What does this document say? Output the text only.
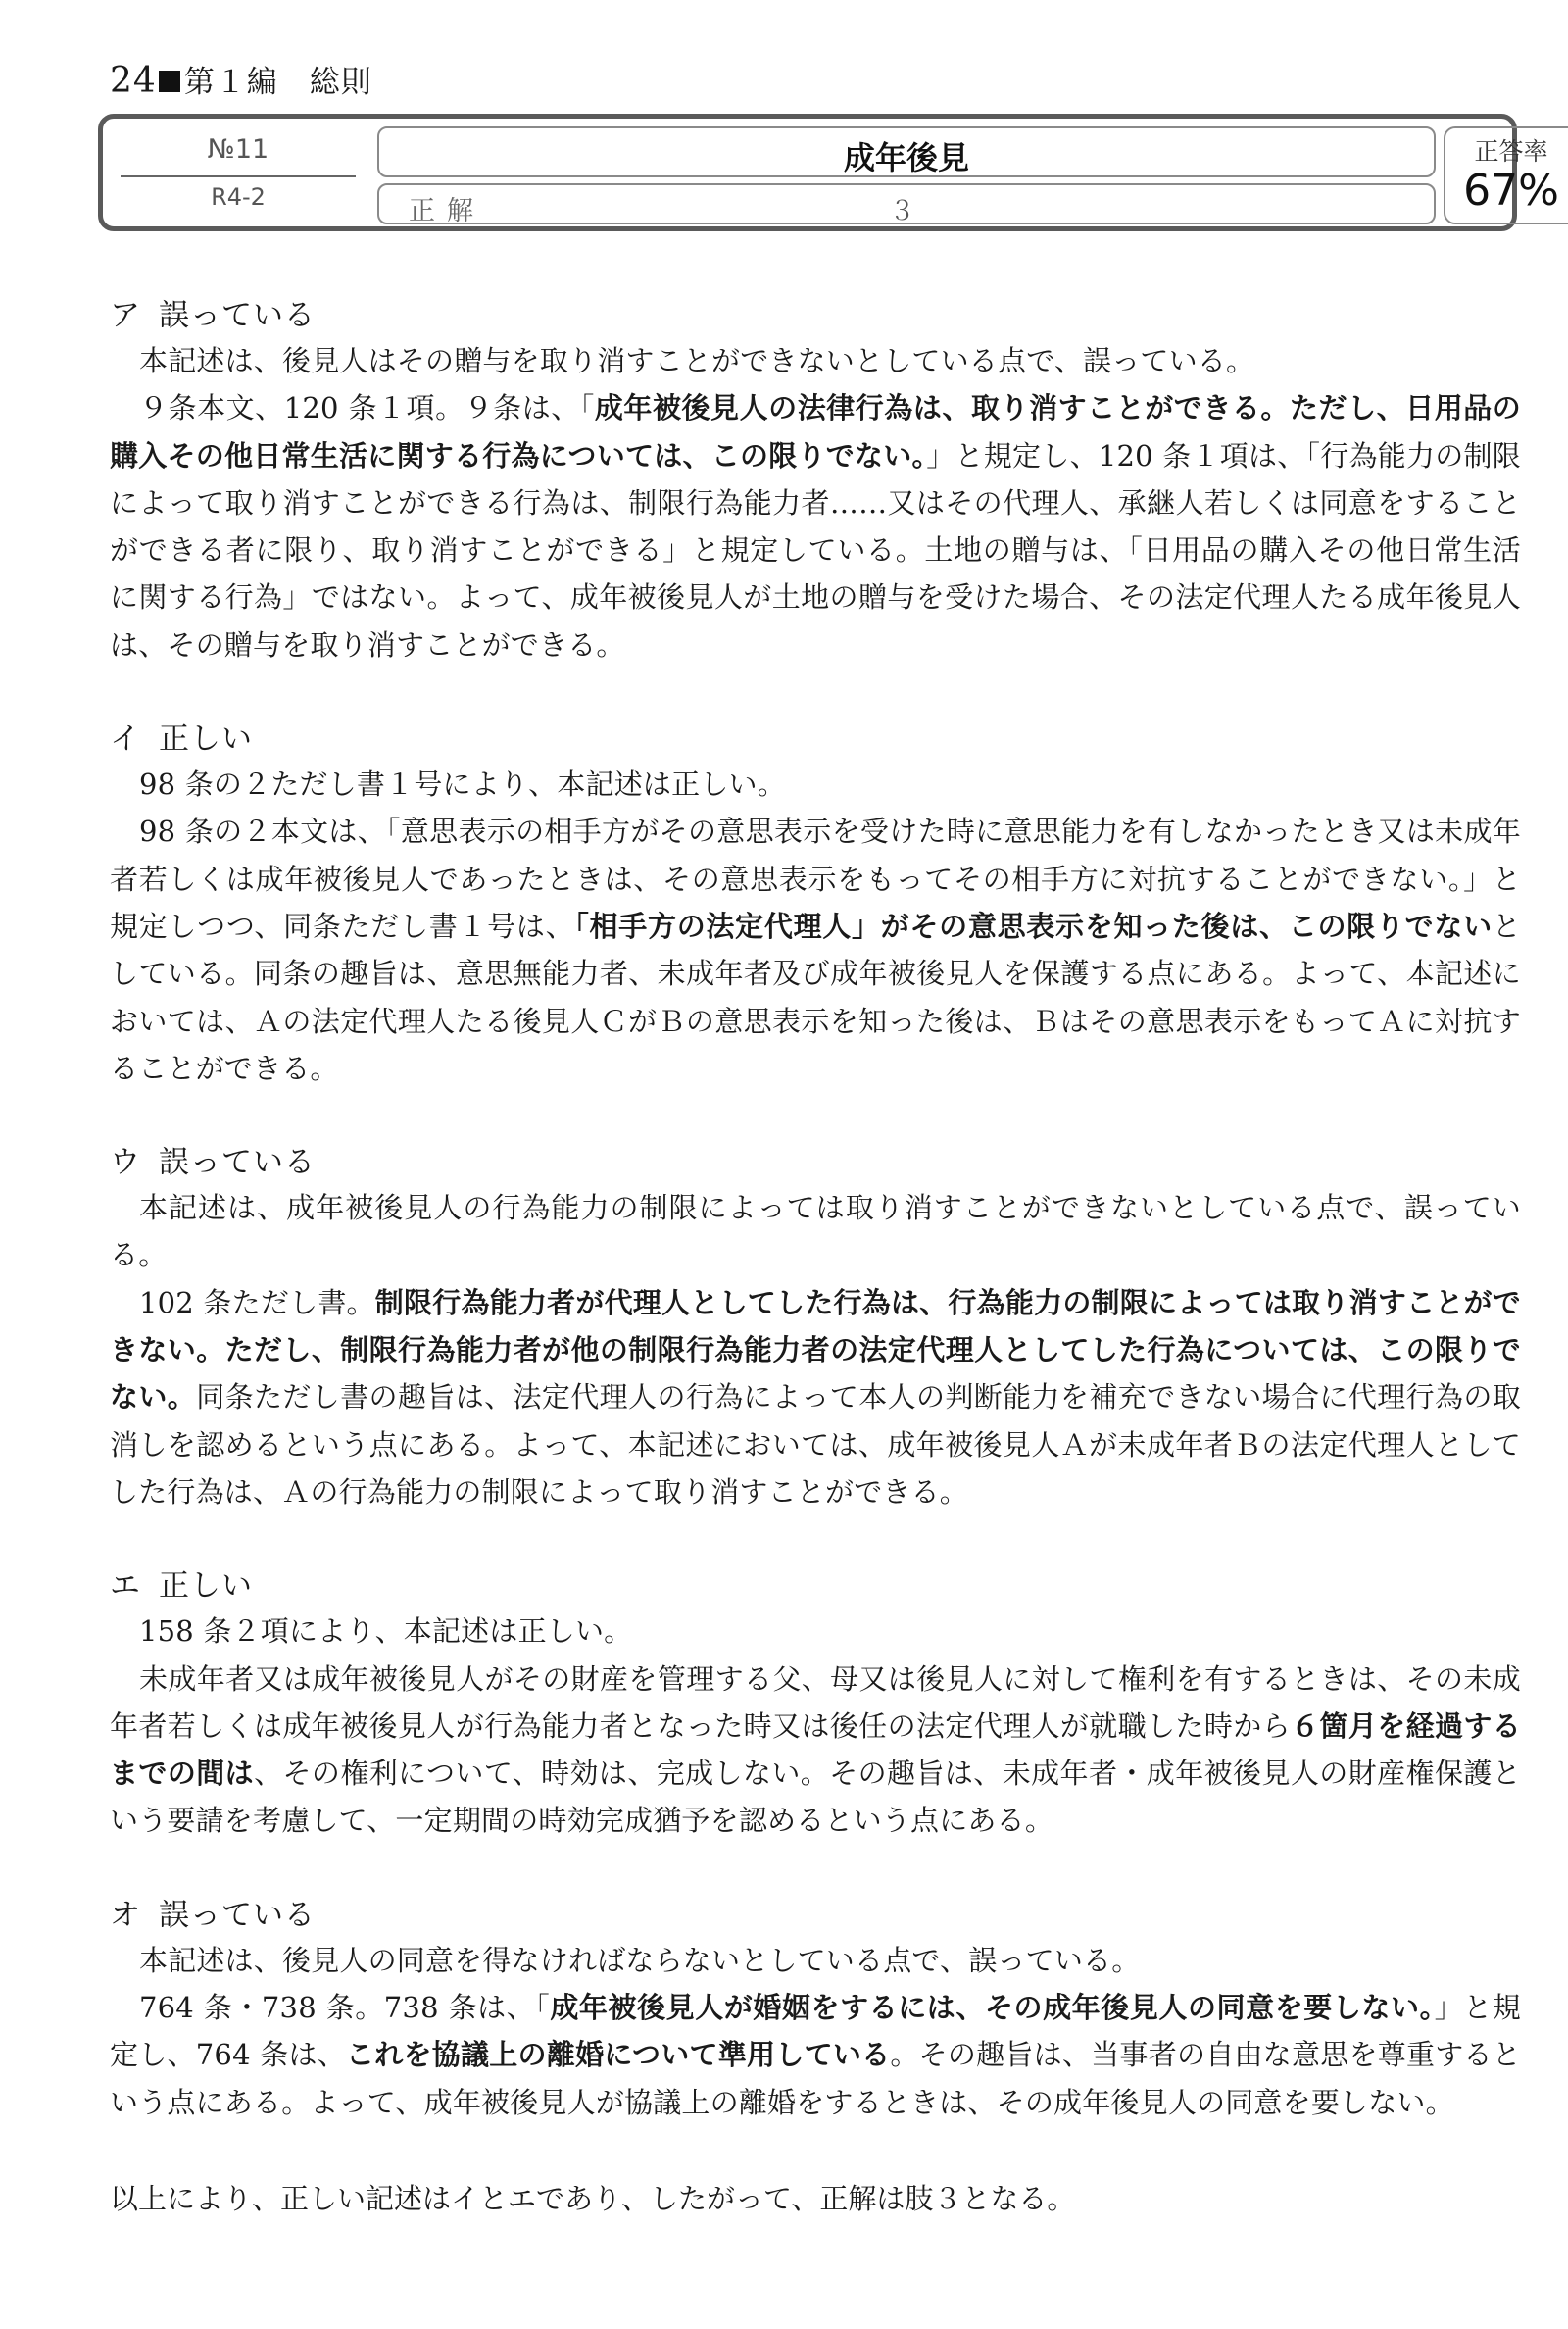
24 第１編　総則
№11
R4-2
成年後見
正解	３
正答率
67%
ア 誤っている

本記述は、後見人はその贈与を取り消すことができないとしている点で、誤っている。

９条本文、120 条１項。９条は、「成年被後見人の法律行為は、取り消すことができる。ただし、日用品の購入その他日常生活に関する行為については、この限りでない。」と規定し、120 条１項は、「行為能力の制限によって取り消すことができる行為は、制限行為能力者……又はその代理人、承継人若しくは同意をすることができる者に限り、取り消すことができる」と規定している。土地の贈与は、「日用品の購入その他日常生活に関する行為」ではない。よって、成年被後見人が土地の贈与を受けた場合、その法定代理人たる成年後見人は、その贈与を取り消すことができる。

イ 正しい

98 条の２ただし書１号により、本記述は正しい。

98 条の２本文は、「意思表示の相手方がその意思表示を受けた時に意思能力を有しなかったとき又は未成年者若しくは成年被後見人であったときは、その意思表示をもってその相手方に対抗することができない。」と規定しつつ、同条ただし書１号は、「相手方の法定代理人」がその意思表示を知った後は、この限りでないとしている。同条の趣旨は、意思無能力者、未成年者及び成年被後見人を保護する点にある。よって、本記述においては、Ａの法定代理人たる後見人ＣがＢの意思表示を知った後は、Ｂはその意思表示をもってＡに対抗することができる。

ウ 誤っている

本記述は、成年被後見人の行為能力の制限によっては取り消すことができないとしている点で、誤っている。

102 条ただし書。制限行為能力者が代理人としてした行為は、行為能力の制限によっては取り消すことができない。ただし、制限行為能力者が他の制限行為能力者の法定代理人としてした行為については、この限りでない。同条ただし書の趣旨は、法定代理人の行為によって本人の判断能力を補充できない場合に代理行為の取消しを認めるという点にある。よって、本記述においては、成年被後見人Ａが未成年者Ｂの法定代理人としてした行為は、Ａの行為能力の制限によって取り消すことができる。

エ 正しい

158 条２項により、本記述は正しい。

未成年者又は成年被後見人がその財産を管理する父、母又は後見人に対して権利を有するときは、その未成年者若しくは成年被後見人が行為能力者となった時又は後任の法定代理人が就職した時から６箇月を経過するまでの間は、その権利について、時効は、完成しない。その趣旨は、未成年者・成年被後見人の財産権保護という要請を考慮して、一定期間の時効完成猶予を認めるという点にある。

オ 誤っている

本記述は、後見人の同意を得なければならないとしている点で、誤っている。

764 条・738 条。738 条は、「成年被後見人が婚姻をするには、その成年後見人の同意を要しない。」と規定し、764 条は、これを協議上の離婚について準用している。その趣旨は、当事者の自由な意思を尊重するという点にある。よって、成年被後見人が協議上の離婚をするときは、その成年後見人の同意を要しない。

以上により、正しい記述はイとエであり、したがって、正解は肢３となる。
